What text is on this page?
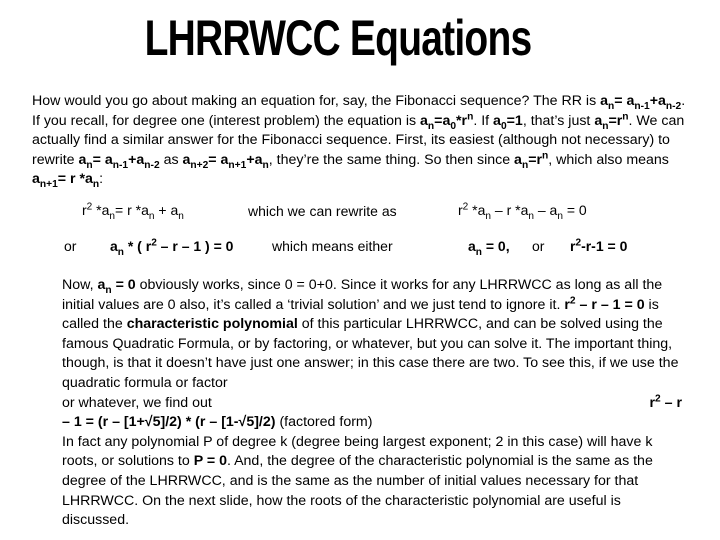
LHRRWCC Equations
How would you go about making an equation for, say, the Fibonacci sequence? The RR is $a_n= a_{n-1}+a_{n-2}$. If you recall, for degree one (interest problem) the equation is $a_n=a_0*r^n$. If $a_0=1$, that’s just $a_n=r^n$. We can actually find a similar answer for the Fibonacci sequence. First, its easiest (although not necessary) to rewrite $a_n= a_{n-1}+a_{n-2}$ as $a_{n+2}= a_{n+1}+a_n$, they’re the same thing. So then since $a_n=r^n$, which also means $a_{n+1}= r$ $*a_n$:
$r^2$ $*a_n= r$ $*a_n + a_n$	which we can rewrite as	$r^2$ $*a_n$ – r $*a_n - a_n = 0$
or $a_n$ * ( $r^2$ – r – 1 ) = 0	which means either	$a_n = 0$, or $r^2-r-1 = 0$
Now, $a_n = 0$ obviously works, since 0 = 0+0. Since it works for any LHRRWCC as long as all the initial values are 0 also, it’s called a ‘trivial solution’ and we just tend to ignore it. $r^2 - r - 1 = 0$ is called the characteristic polynomial of this particular LHRRWCC, and can be solved using the famous Quadratic Formula, or by factoring, or whatever, but you can solve it. The important thing, though, is that it doesn’t have just one answer; in this case there are two. To see this, if we use the quadratic formula or factor
or whatever, we find out	$r^2$ – r
– 1 = (r – [1+√5]/2) * (r – [1-√5]/2) (factored form)
In fact any polynomial P of degree k (degree being largest exponent; 2 in this case) will have k roots, or solutions to P = 0. And, the degree of the characteristic polynomial is the same as the degree of the LHRRWCC, and is the same as the number of initial values necessary for that LHRRWCC. On the next slide, how the roots of the characteristic polynomial are useful is discussed.
